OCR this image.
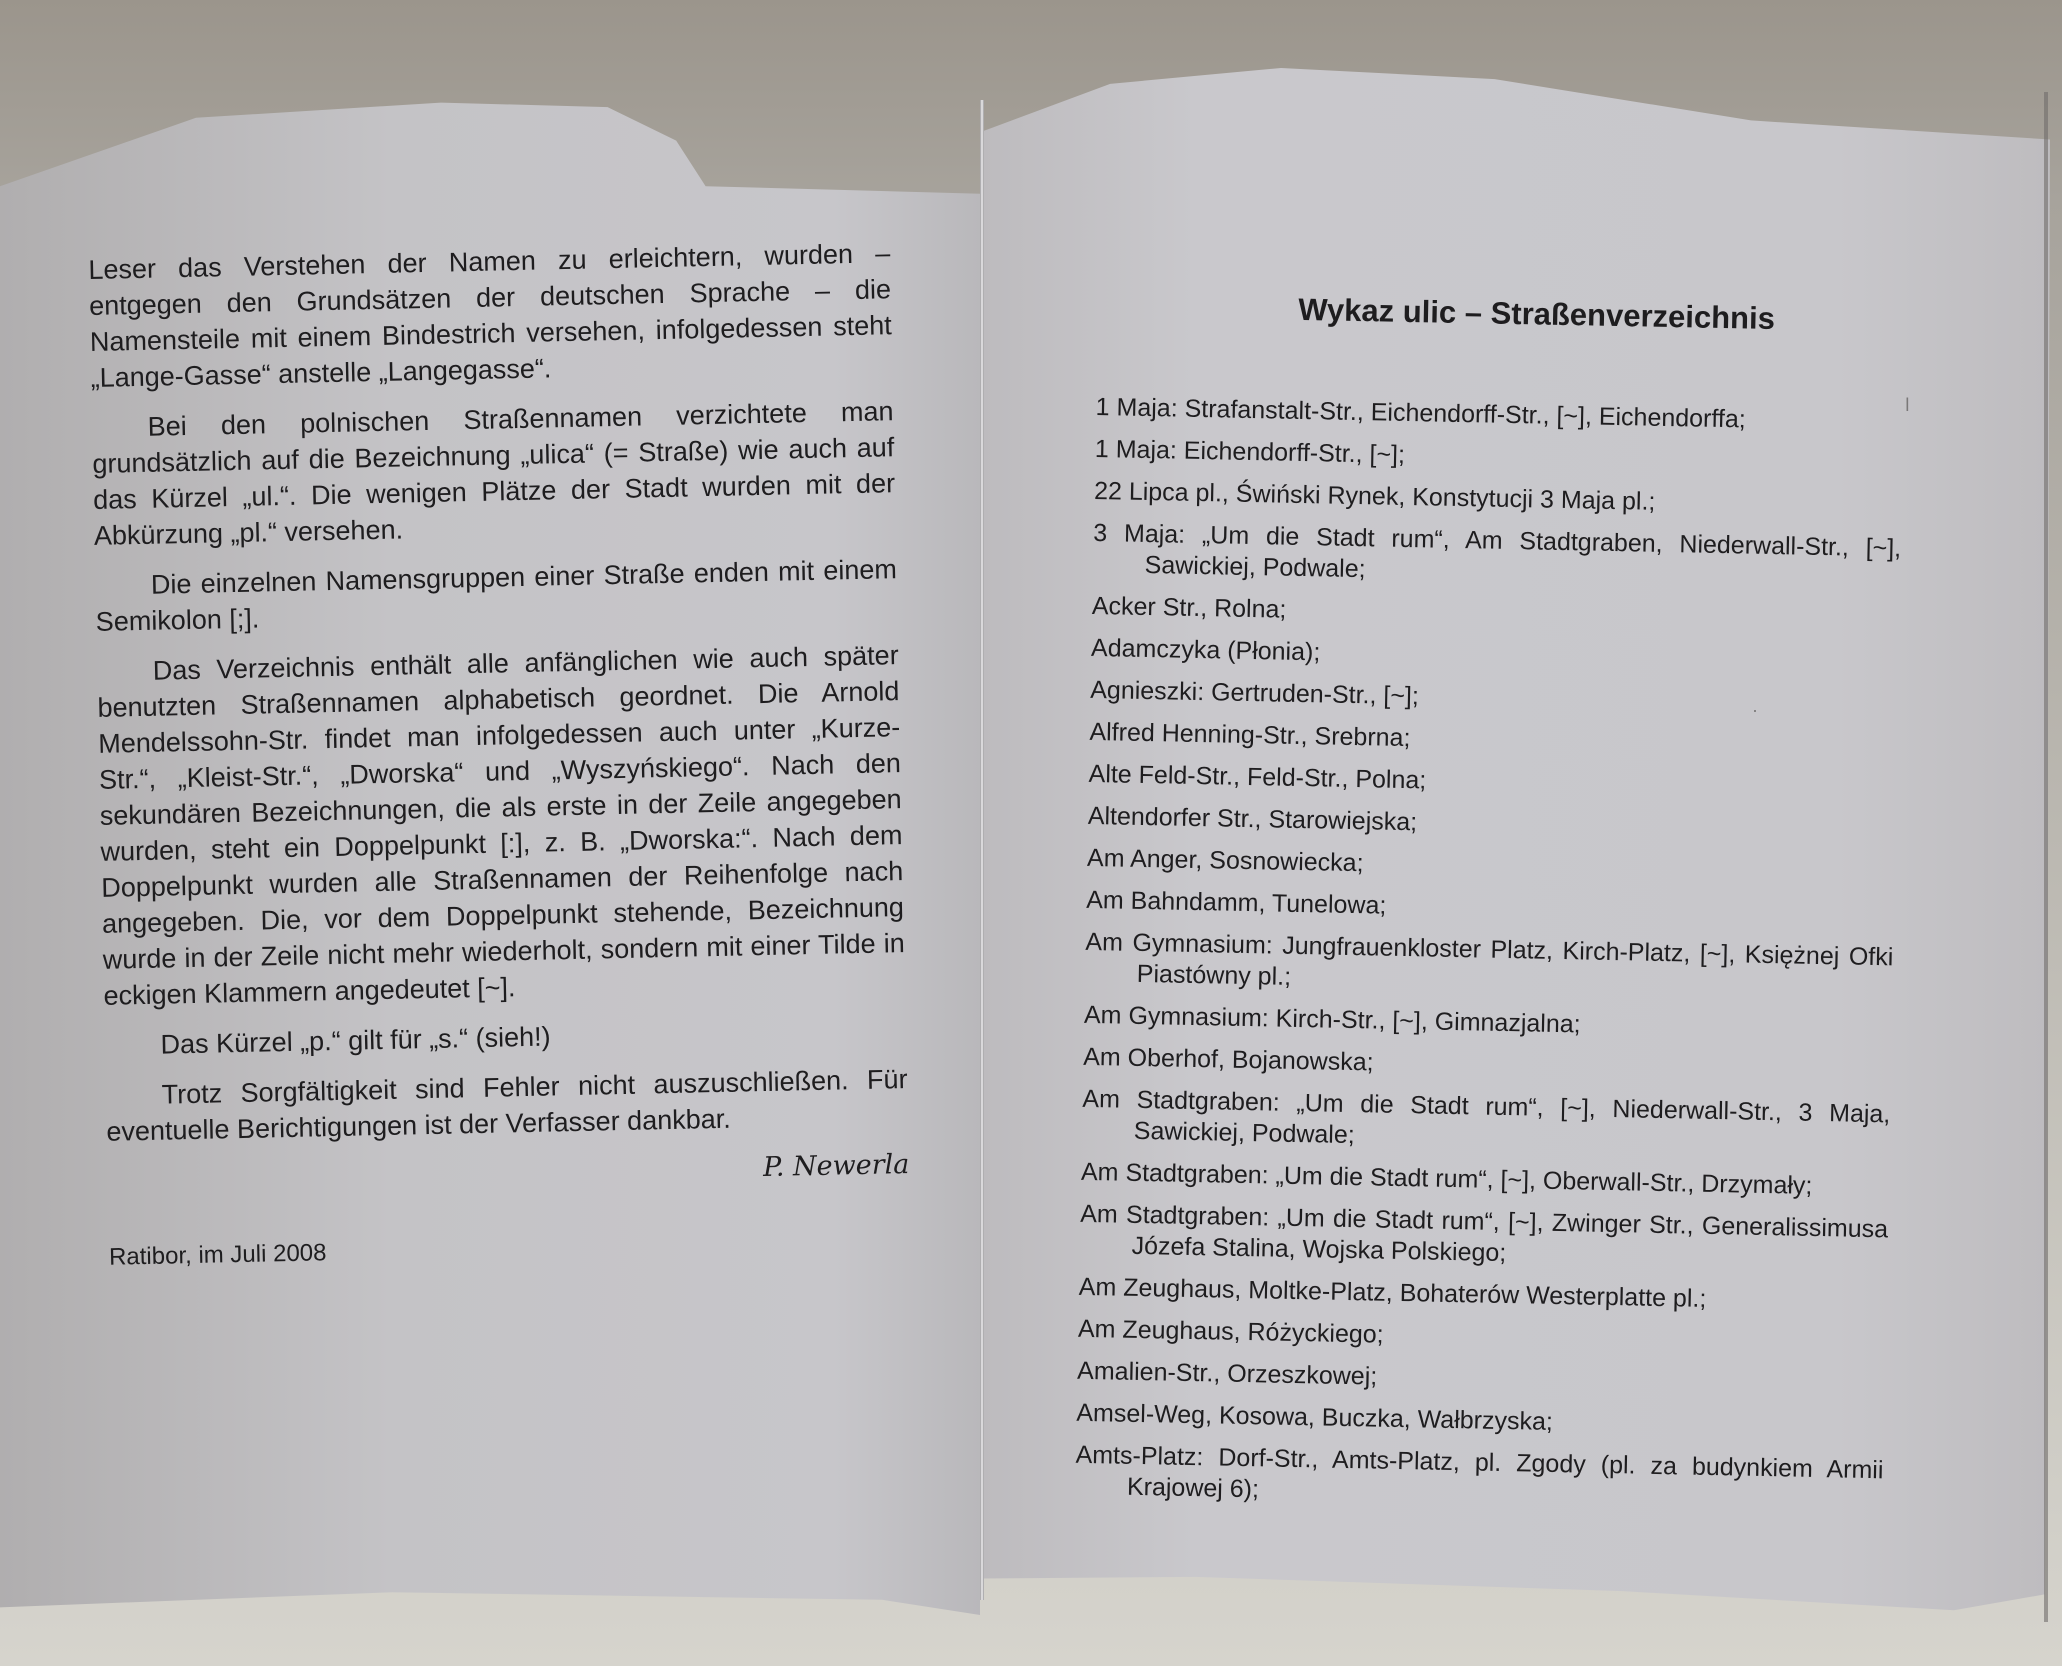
Leser das Verstehen der Namen zu erleichtern, wurden – entgegen den Grundsätzen der deutschen Sprache – die Namensteile mit einem Bindestrich versehen, infolgedessen steht „Lange-Gasse“ anstelle „Langegasse“.

Bei den polnischen Straßennamen verzichtete man grundsätzlich auf die Bezeichnung „ulica“ (= Straße) wie auch auf das Kürzel „ul.“. Die wenigen Plätze der Stadt wurden mit der Abkürzung „pl.“ versehen.

Die einzelnen Namensgruppen einer Straße enden mit einem Semikolon [;].

Das Verzeichnis enthält alle anfänglichen wie auch später benutzten Straßennamen alphabetisch geordnet. Die Arnold Mendelssohn-Str. findet man infolgedessen auch unter „Kurze-Str.“, „Kleist-Str.“, „Dworska“ und „Wyszyńskiego“. Nach den sekundären Bezeichnungen, die als erste in der Zeile angegeben wurden, steht ein Doppelpunkt [:], z. B. „Dworska:“. Nach dem Doppelpunkt wurden alle Straßennamen der Reihenfolge nach angegeben. Die, vor dem Doppelpunkt stehende, Bezeichnung wurde in der Zeile nicht mehr wiederholt, sondern mit einer Tilde in eckigen Klammern angedeutet [~].

Das Kürzel „p.“ gilt für „s.“ (sieh!)

Trotz Sorgfältigkeit sind Fehler nicht auszuschließen. Für eventuelle Berichtigungen ist der Verfasser dankbar.

P. Newerla
Ratibor, im Juli 2008
Wykaz ulic – Straßenverzeichnis
1 Maja: Strafanstalt-Str., Eichendorff-Str., [~], Eichendorffa;
1 Maja: Eichendorff-Str., [~];
22 Lipca pl., Świński Rynek, Konstytucji 3 Maja pl.;
3 Maja: „Um die Stadt rum“, Am Stadtgraben, Niederwall-Str., [~], Sawickiej, Podwale;
Acker Str., Rolna;
Adamczyka (Płonia);
Agnieszki: Gertruden-Str., [~];
Alfred Henning-Str., Srebrna;
Alte Feld-Str., Feld-Str., Polna;
Altendorfer Str., Starowiejska;
Am Anger, Sosnowiecka;
Am Bahndamm, Tunelowa;
Am Gymnasium: Jungfrauenkloster Platz, Kirch-Platz, [~], Księżnej Ofki Piastówny pl.;
Am Gymnasium: Kirch-Str., [~], Gimnazjalna;
Am Oberhof, Bojanowska;
Am Stadtgraben: „Um die Stadt rum“, [~], Niederwall-Str., 3 Maja, Sawickiej, Podwale;
Am Stadtgraben: „Um die Stadt rum“, [~], Oberwall-Str., Drzymały;
Am Stadtgraben: „Um die Stadt rum“, [~], Zwinger Str., Generalissimusa Józefa Stalina, Wojska Polskiego;
Am Zeughaus, Moltke-Platz, Bohaterów Westerplatte pl.;
Am Zeughaus, Różyckiego;
Amalien-Str., Orzeszkowej;
Amsel-Weg, Kosowa, Buczka, Wałbrzyska;
Amts-Platz: Dorf-Str., Amts-Platz, pl. Zgody (pl. za budynkiem Armii Krajowej 6);
ǀ
·
